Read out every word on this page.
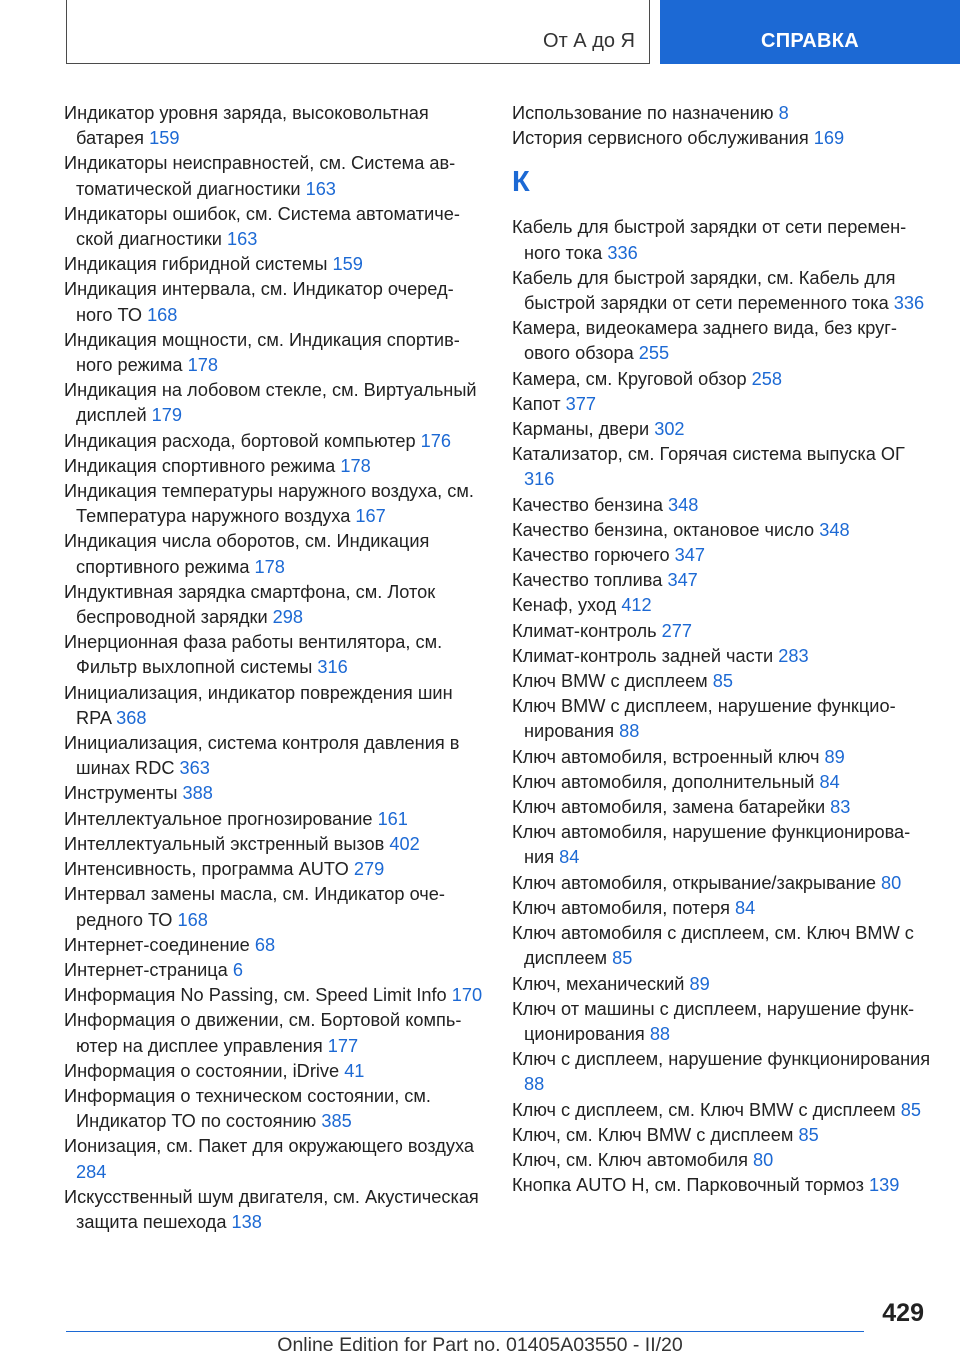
От А до Я	СПРАВКА
Индикатор уровня заряда, высоковольтная батарея 159
Индикаторы неисправностей, см. Система автоматической диагностики 163
Индикаторы ошибок, см. Система автоматической диагностики 163
Индикация гибридной системы 159
Индикация интервала, см. Индикатор очередного ТО 168
Индикация мощности, см. Индикация спортивного режима 178
Индикация на лобовом стекле, см. Виртуальный дисплей 179
Индикация расхода, бортовой компьютер 176
Индикация спортивного режима 178
Индикация температуры наружного воздуха, см. Температура наружного воздуха 167
Индикация числа оборотов, см. Индикация спортивного режима 178
Индуктивная зарядка смартфона, см. Лоток беспроводной зарядки 298
Инерционная фаза работы вентилятора, см. Фильтр выхлопной системы 316
Инициализация, индикатор повреждения шин RPA 368
Инициализация, система контроля давления в шинах RDC 363
Инструменты 388
Интеллектуальное прогнозирование 161
Интеллектуальный экстренный вызов 402
Интенсивность, программа AUTO 279
Интервал замены масла, см. Индикатор очередного ТО 168
Интернет-соединение 68
Интернет-страница 6
Информация No Passing, см. Speed Limit Info 170
Информация о движении, см. Бортовой компьютер на дисплее управления 177
Информация о состоянии, iDrive 41
Информация о техническом состоянии, см. Индикатор ТО по состоянию 385
Ионизация, см. Пакет для окружающего воздуха 284
Искусственный шум двигателя, см. Акустическая защита пешехода 138
Использование по назначению 8
История сервисного обслуживания 169
К
Кабель для быстрой зарядки от сети переменного тока 336
Кабель для быстрой зарядки, см. Кабель для быстрой зарядки от сети переменного тока 336
Камера, видеокамера заднего вида, без кругового обзора 255
Камера, см. Круговой обзор 258
Капот 377
Карманы, двери 302
Катализатор, см. Горячая система выпуска ОГ 316
Качество бензина 348
Качество бензина, октановое число 348
Качество горючего 347
Качество топлива 347
Кенаф, уход 412
Климат-контроль 277
Климат-контроль задней части 283
Ключ BMW с дисплеем 85
Ключ BMW с дисплеем, нарушение функционирования 88
Ключ автомобиля, встроенный ключ 89
Ключ автомобиля, дополнительный 84
Ключ автомобиля, замена батарейки 83
Ключ автомобиля, нарушение функционирования 84
Ключ автомобиля, открывание/закрывание 80
Ключ автомобиля, потеря 84
Ключ автомобиля с дисплеем, см. Ключ BMW с дисплеем 85
Ключ, механический 89
Ключ от машины с дисплеем, нарушение функционирования 88
Ключ с дисплеем, нарушение функционирования 88
Ключ с дисплеем, см. Ключ BMW с дисплеем 85
Ключ, см. Ключ BMW с дисплеем 85
Ключ, см. Ключ автомобиля 80
Кнопка AUTO H, см. Парковочный тормоз 139
429
Online Edition for Part no. 01405A03550 - II/20
